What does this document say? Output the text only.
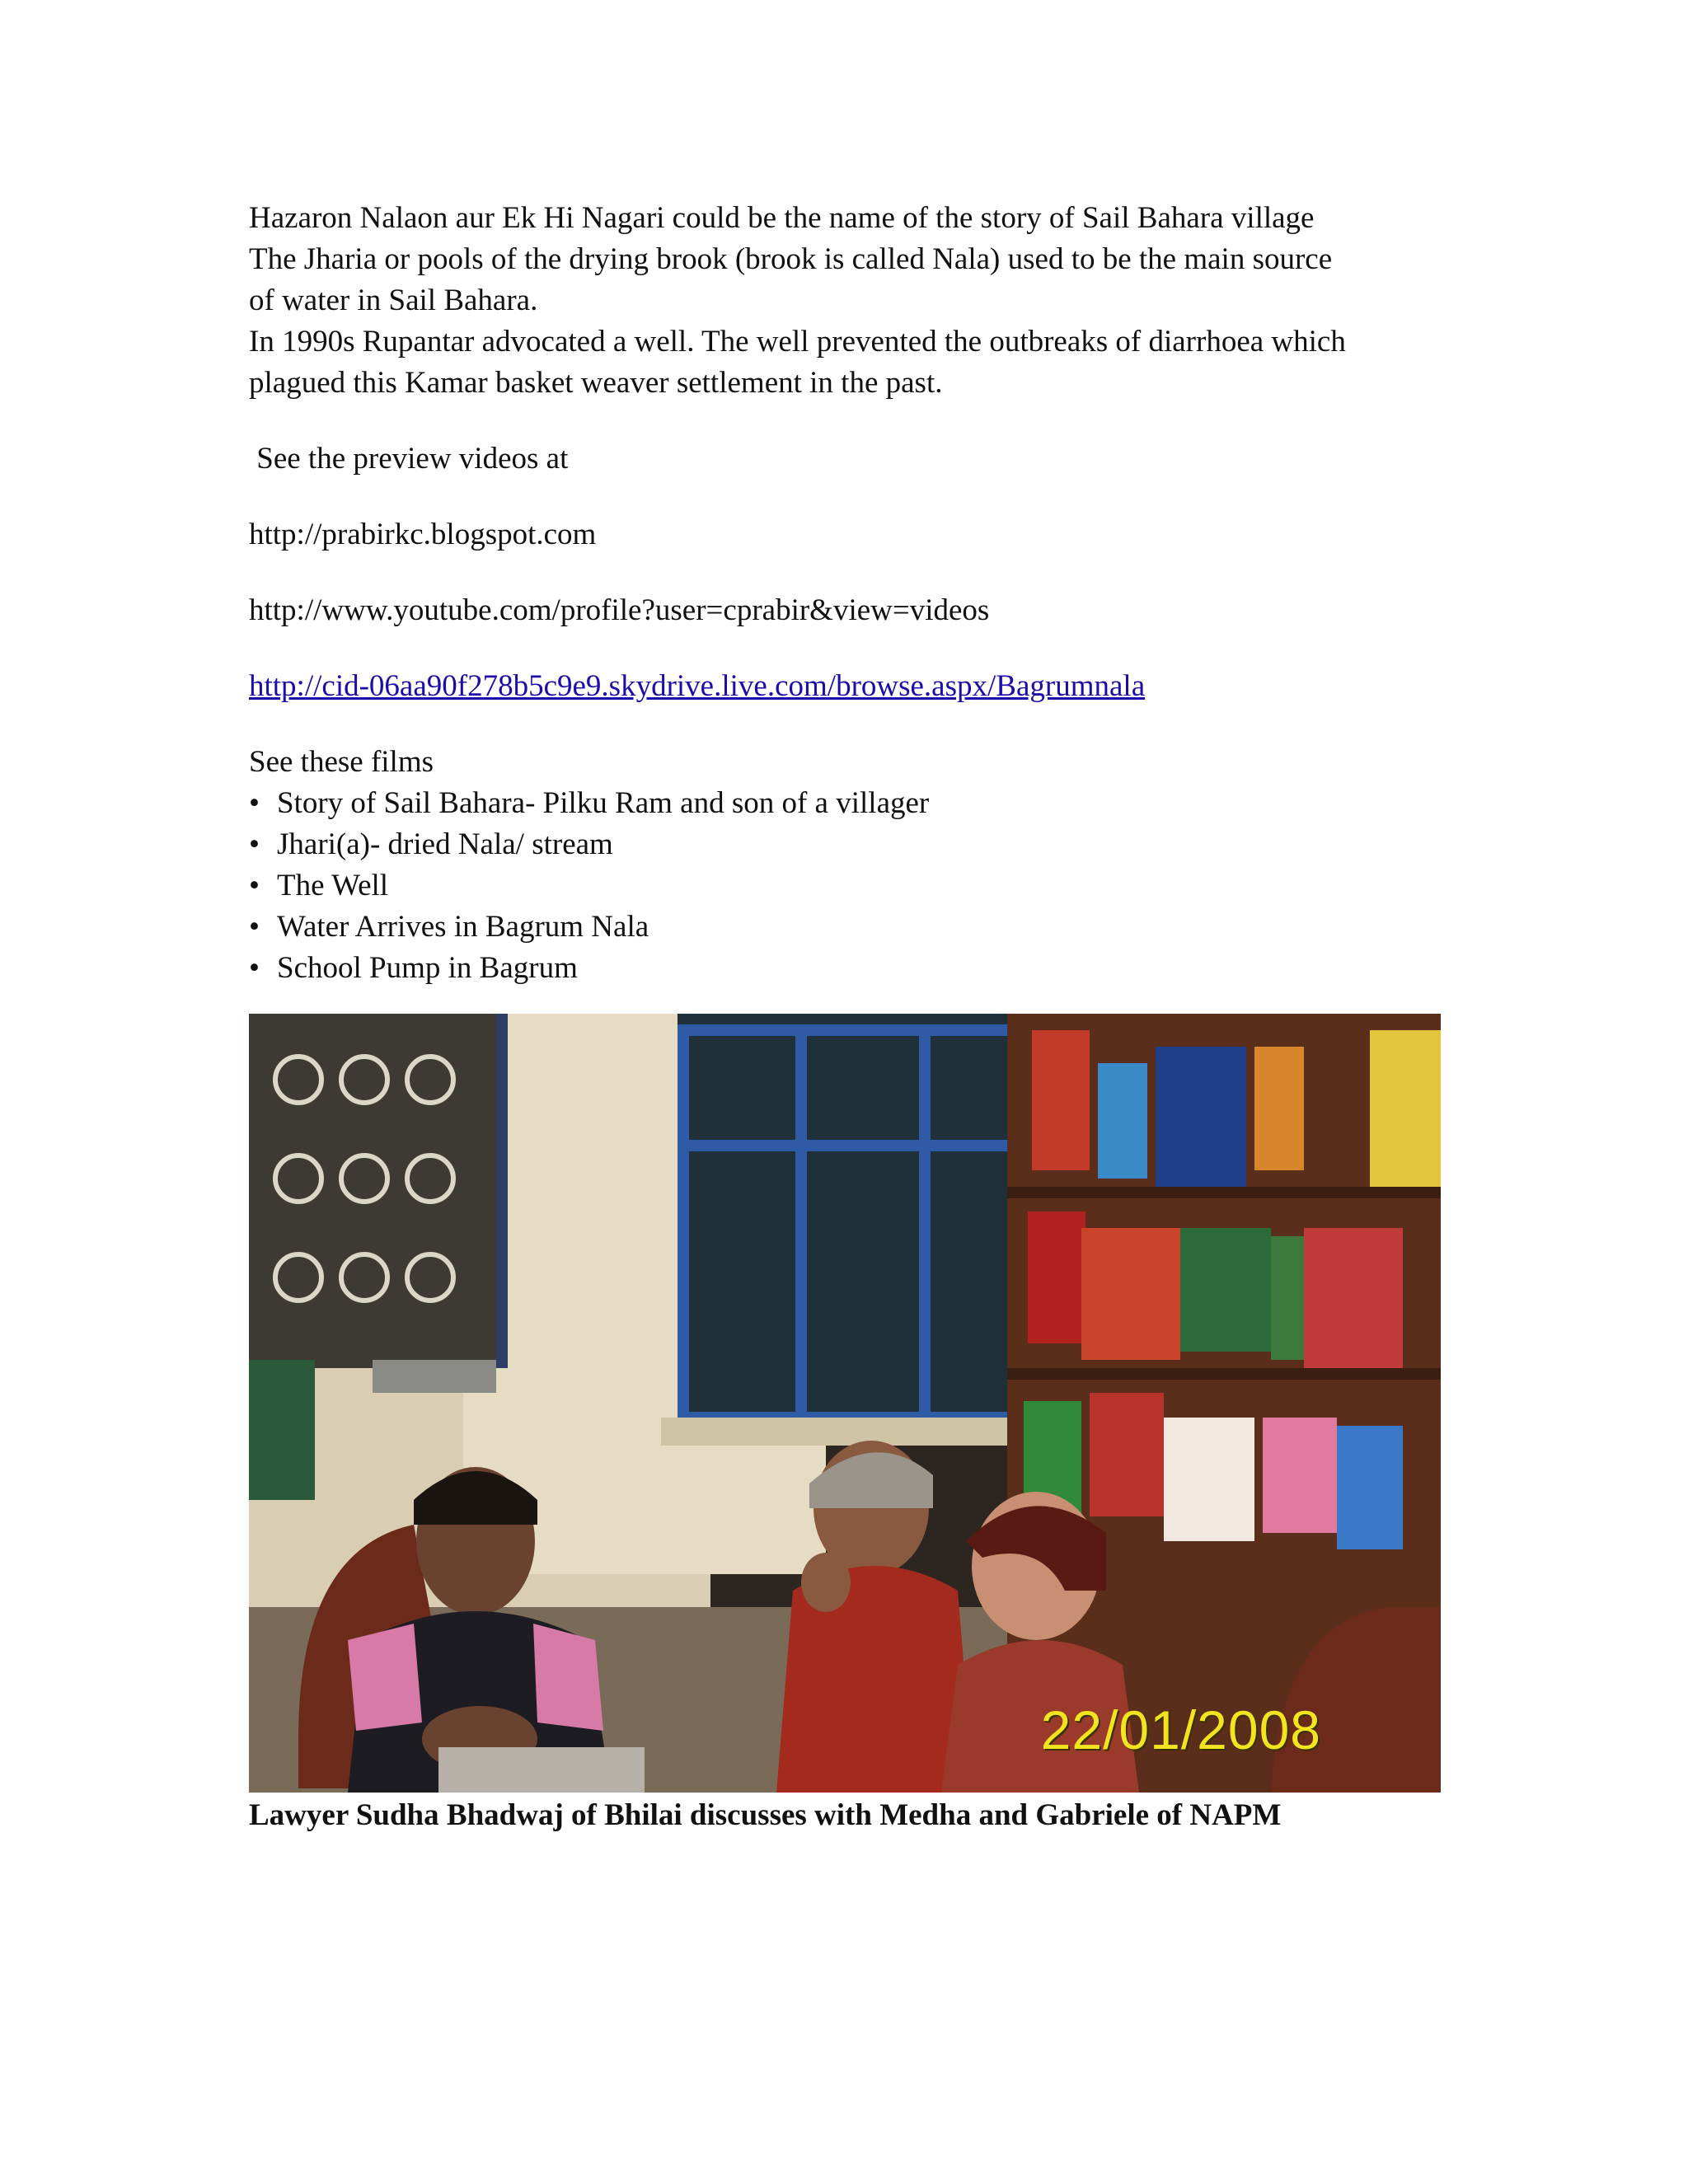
Hazaron Nalaon aur Ek Hi Nagari could be the name of the story of Sail Bahara village

The Jharia or pools of the drying brook (brook is called Nala) used to be the main source

of water in Sail Bahara.

In 1990s Rupantar advocated a well. The well prevented the outbreaks of diarrhoea which

plagued this Kamar basket weaver settlement in the past.

See the preview videos at

http://prabirkc.blogspot.com

http://www.youtube.com/profile?user=cprabir&view=videos

http://cid-06aa90f278b5c9e9.skydrive.live.com/browse.aspx/Bagrumnala

See these films

• Story of Sail Bahara- Pilku Ram and son of a villager
• Jhari(a)- dried Nala/ stream
• The Well
• Water Arrives in Bagrum Nala
• School Pump in Bagrum
22/01/2008

Lawyer Sudha Bhadwaj of Bhilai discusses with Medha and Gabriele of NAPM
